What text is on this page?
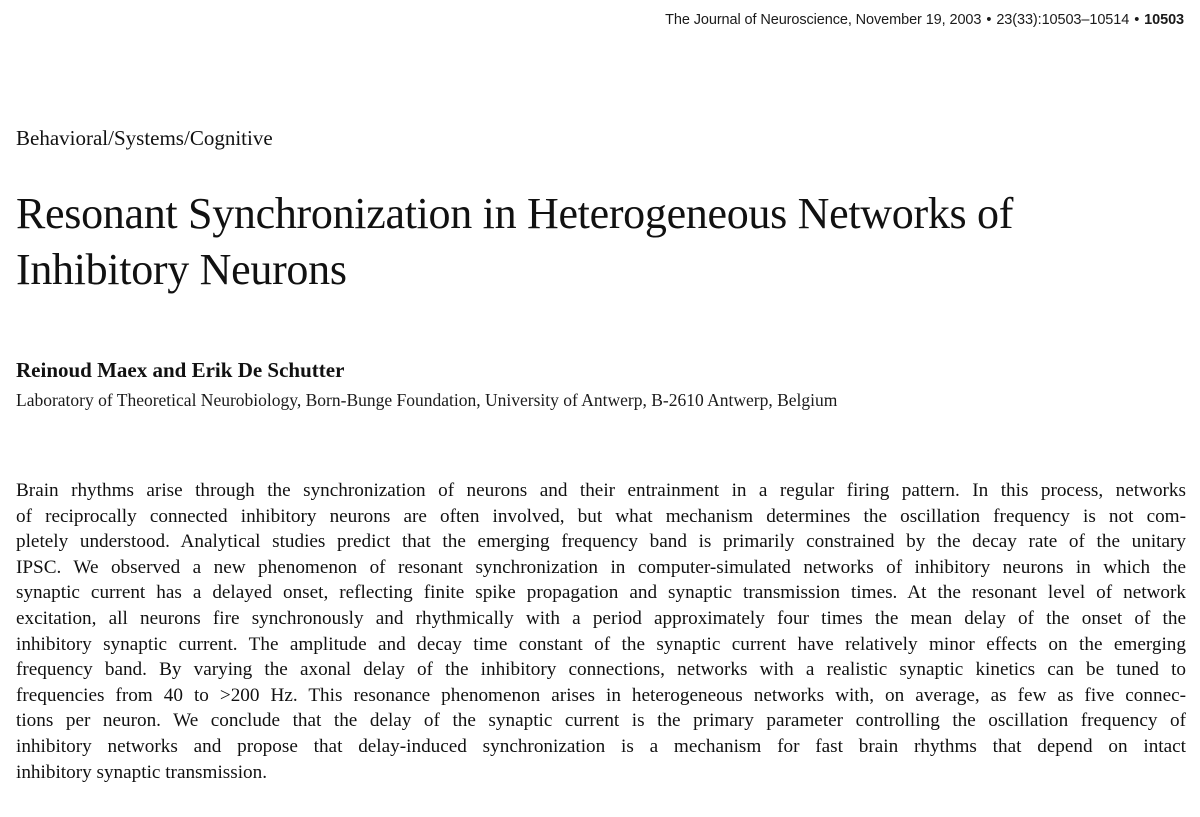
The Journal of Neuroscience, November 19, 2003 • 23(33):10503–10514 • 10503
Behavioral/Systems/Cognitive
Resonant Synchronization in Heterogeneous Networks of
Inhibitory Neurons
Reinoud Maex and Erik De Schutter
Laboratory of Theoretical Neurobiology, Born-Bunge Foundation, University of Antwerp, B-2610 Antwerp, Belgium
Brain rhythms arise through the synchronization of neurons and their entrainment in a regular firing pattern. In this process, networks
of reciprocally connected inhibitory neurons are often involved, but what mechanism determines the oscillation frequency is not com-
pletely understood. Analytical studies predict that the emerging frequency band is primarily constrained by the decay rate of the unitary
IPSC. We observed a new phenomenon of resonant synchronization in computer-simulated networks of inhibitory neurons in which the
synaptic current has a delayed onset, reflecting finite spike propagation and synaptic transmission times. At the resonant level of network
excitation, all neurons fire synchronously and rhythmically with a period approximately four times the mean delay of the onset of the
inhibitory synaptic current. The amplitude and decay time constant of the synaptic current have relatively minor effects on the emerging
frequency band. By varying the axonal delay of the inhibitory connections, networks with a realistic synaptic kinetics can be tuned to
frequencies from 40 to >200 Hz. This resonance phenomenon arises in heterogeneous networks with, on average, as few as five connec-
tions per neuron. We conclude that the delay of the synaptic current is the primary parameter controlling the oscillation frequency of
inhibitory networks and propose that delay-induced synchronization is a mechanism for fast brain rhythms that depend on intact
inhibitory synaptic transmission.
